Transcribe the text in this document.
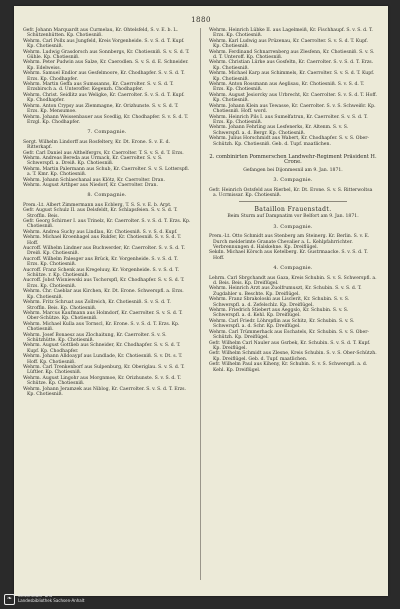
1880

Gefr. Johann Marquardt aus Curmelau, Kr. Ohtelsfeld, S. v. E. b. L. Schützenhütten. Kp. Chotiesniß.

Wehrm. Carl Pollx aus Jungfeld, Kreis Vorgenheide. S. v. S. d. T. Kupf. Kp. Chotiesniß.

Wehrm. Ludwig Grasdorsch aus Sonnbergs, Kr. Chotiesniß. S. v. S. d. T. Gühle. Kp. Chotiesniß.

Wehrm. Peter Pudwin aus Salze, Kr. Caerodlen. S. v. S. d. E. Schneider. Kp. Edelweiss.

Wehrm. Samuel Endlor aus Gesfelmoore, Kr. Chodhapfer. S. v. S. d. T. Erzs. Kp. Chodhapfer.

Wehrm. Martin Geffa aus Sumssanns, Kr. Caerrolter. S. v. S. d. T. Erzsbirsch a. d. Unteroffer. Kegenzh. Chodhapfer.

Wehrm. Christ. Seidlitz aus Weligke, Kr. Caerrolter. S. v. S. d. T. Kupf. Kp. Chodhapfer.

Wehrm. Anton Crypsy aus Zlemmagne, Kr. Orizhunste. S. v. S. d. T. Erzs. Kp. Mensumoe.

Wehrm. Johann Weissenbauer aus Scedlig, Kr. Chodhapfer. S. v. S. d. T. Erzgl. Kp. Chodhapfer.

7. Compagnie.

Sergt. Wilhelm Lindorff aus Rosfeltery, Kr. Dt. Erone. S. v. E. d. Ritterkapf.

Gefr. Carl Daniel aus Althelfergrs, Kr. Caerrolter. T. S. v. S. d. T. Erzs.

Wehrm. Andreas Bereda aus Urmack, Kr. Caerrolter. S. v. S. Schwerspfl. a. Dreiß. Kp. Chotiesniß.

Wehrm. Martin Palermann aus Schub, Kr. Caerrolter. S. v. S. Lotterspfl. a. T. Kmr. Kp. Chotiesniß.

Wehrm. Johann Schlaechanal aus Klötz, Kr. Caerrolter. Dran.

Wehrm. August Arthper aus Niedorf, Kr. Caerrolter. Dran.

8. Compagnie.

Prem.-Lt. Albert Zimmermann aus Ecblerg, T. S. S. v. E. b. Arpt.

Gefr. August Schulz II. aus Delsfeldt, Kr. Schlapsfeien. S. v. S. d. T. Stroffin. Beis.

Gefr. Georg Schirner I. aus Trinelz, Kr. Caerrolter. S. v. S. d. T. Erzs. Kp. Chotiesniß.

Wehrm. Andrea Suchy aus Lindlau, Kr. Chotiesniß. S. v. S. d. Kupf.

Wehrm. Michael Kroenhagel aus Rukfer, Kr. Chotiesniß. S. v. S. d. T. Hoff.

Aucroff. Wilhelm Lindner aus Buchwerder, Kr. Caerrolter. S. v. S. d. T. Dreiß. Kp. Chotiesniß.

Aucroff. Wilhelm Palesger aus Brück, Kr. Vorgenheide. S. v. S. d. T. Erzs. Kp. Chotiesniß.

Aucroff. Franz Schenk aus Kregeluuy, Kr. Vorgenheide. S. v. S. d. T. Schütze. r. Kp. Chotiesniß.

Aucroff. Jobst Wisniewski aus Tschorspfl, Kr. Chodhapfer. S. v. S. d. T. Erzs. Kp. Chotiesniß.

Wehrm. Chr. Caeblar aus Kirchen, Kr. Dt. Erone. Schwerspfl. a. Erzs. Kp. Chotiesniß.

Wehrm. Fritz Schruat aus Zollreich, Kr. Chotiesniß. S. v. S. d. T. Stroffin. Beis. Kp. Chotiesniß.

Wehrm. Marcus Kaufmann aus Holmdorf, Kr. Caerrolter. S. v. S. d. T. Ober-Schütze. Kp. Chotiesniß.

Wehrm. Michael Kulla aus Tornscl, Kr. Erone. S. v. S. d. T. Erzs. Kp. Chotiesniß.

Wehrm. Josef Bonaesz aus Zlochaitung, Kr. Caerrolter. S. v. S. Schützhütte. Kp. Chotiesniß.

Wehrm. August Gottlieb aus Schneider, Kr. Chodhapfer. S. v. S. d. T. Kupf. Kp. Chodhapfer.

Wehrm. Johann Alldoaypf aus Lundlade, Kr. Chotiesniß. S. v. Dt. s. T. Hoff. Kp. Chotiesniß.

Wehrm. Carl Trenkenborf aus Sulpenburg, Kr. Oberiglau. S. v. S. d. T. Lüftler. Kp. Chotiesniß.

Wehrm. August Lingohr aus Morgnmoe, Kr. Orizhunste. S. v. S. d. T. Schütze. Kp. Chotiesniß.

Wehrm. Johann Jeramzek aus Niblog, Kr. Caerrolter. S. v. S. d. T. Erzs. Kp. Chotiesniß.

Wehrm. Heinrich Lübke II. aus Lagelmeiß, Kr. Fischhaupf. S. v. S. d. T. Erzs. Kp. Chotiesniß.

Wehrm. Karl Ludwig aus Prüzenau, Kr. Caerrolter. S. v. S. d. T. Kupf. Kp. Chotiesniß.

Wehrm. Ferdinand Schnarrenberg aus Zlesfenn, Kr. Chotiesniß. S. v. S. d. T. Unteroff. Kp. Chotiesniß.

Wehrm. Christian Lürke aus Gosfeltn, Kr. Caerrolter. S. v. S. d. T. Erzs. Kp. Chotiesniß.

Wehrm. Michael Karp aus Schimmels, Kr. Caerrolter. S. v. S. d. T. Kupf. Kp. Chotiesniß.

Wehrm. Anton Rossmann aus Aeglisau, Kr. Chotiesniß. S. v. S. d. T. Erzs. Kp. Chotiesniß.

Wehrm. August Jesiorcky aus Urbrecht, Kr. Caerrolter. S. v. S. d. T. Hoff. Kp. Chotiesniß.

Wehrm. Johann Klein aus Tewasse, Kr. Caerrolter. S. v. S. Schweißr. Kp. Chotiesniß. Hoff. word.

Wehrm. Heinrich Pils I. aus Sumelfatrun, Kr. Caerrolter. S. v. S. d. T. Erzs. Kp. Chotiesniß.

Wehrm. Johann Fehrling aus Lesfenerks, Kr. Altenm. S. v. S. Schwerspfl. a. d. Bergr. Kp. Chotiesniß.

Wehrm. Julius Horschmidt aus Wabert, Kr. Chodhapfer. S. v. S. Ober-Schützh. Kp. Chotiesniß. Geb. d. Tupf. maatlichen.

2. combinirten Pommerschen Landwehr-Regiment Präsident H. Crone.
Gefangen bei Dijonmesnil am 9. Jan. 1871.
3. Compagnie.

Gefr. Heinrich Ostsfeld aus Rierbel, Kr. Dt. Erone. S. v. S. Ritterwoltsa a. Ucrmissar. Kp. Chotiesniß.

Bataillon Frauenstadt.
Beim Sturm auf Dampnatim vor Belfort am 9. Jan. 1871.
3. Compagnie.

Prem.-Lt. Otto Schmidt aus Stenberg am Steinerg. Kr. Berlin. S. v. E. Durch melderimte Granate Chevalier a. L. Kehlpfahrrichter. Verbrennungen d. Halskehne. Kp. Dreiflügel.

Sekdn. Michael Körsch aus Ketelberg. Kr. Gustrmaacke. S. v. S. d. T. Hoff.

4. Compagnie.

Lehrm. Carl Sbrgchandt aus Gaza, Kreis Schubin. S. v. S. Schwerspfl. a. d. Beis. Beis. Kp. Dreiflügel.

Wehrm. Heinrich Arzt aus Zuolfrumuszt, Kr. Schubin. S. v. S. d. T. Zugdahler u. Beschte. Kp. Dreiflügel.

Wehrm. Franz Sbrakoloski aus Lisclerit, Kr. Schubin. S. v. S. Schwerspfl. a. d. Zefelschlz. Kp. Dreiflügel.

Wehrm. Friedrich Stiebert aus Aeggslo, Kr. Schubin. S. v. S. Schwerspfl. a. d. Kehl. Kp. Dreiflügel.

Wehrm. Carl Friedr. Löhrspflin aus Schitz, Kr. Schubin. S. v. S. Schwerspfl. a. d. Schr. Kp. Dreiflügel.

Wehrm. Carl Trümmerhack aus Eschatels, Kr. Schubin. S. v. S. Ober-Schützh. Kp. Dreiflügel.

Gefr. Wilhelm Carl Nauler aus Gsrbek, Kr. Schubin. S. v. S. d. T. Kupf. Kp. Dreiflügel.

Gefr. Wilhelm Schmidt aus Zlesne, Kreis Schubin. S. v. S. Ober-Schützh. Kp. Dreiflügel. Geb. d. Tupf. maatlichen.

Gefr. Wilhelm Paul aus Kiheny, Kr. Schubin. S. v. S. Schwerspfl. a. d. Kehl. Kp. Dreiflügel.

❧	Universitäts- und
Landesbibliothek Sachsen-Anhalt
